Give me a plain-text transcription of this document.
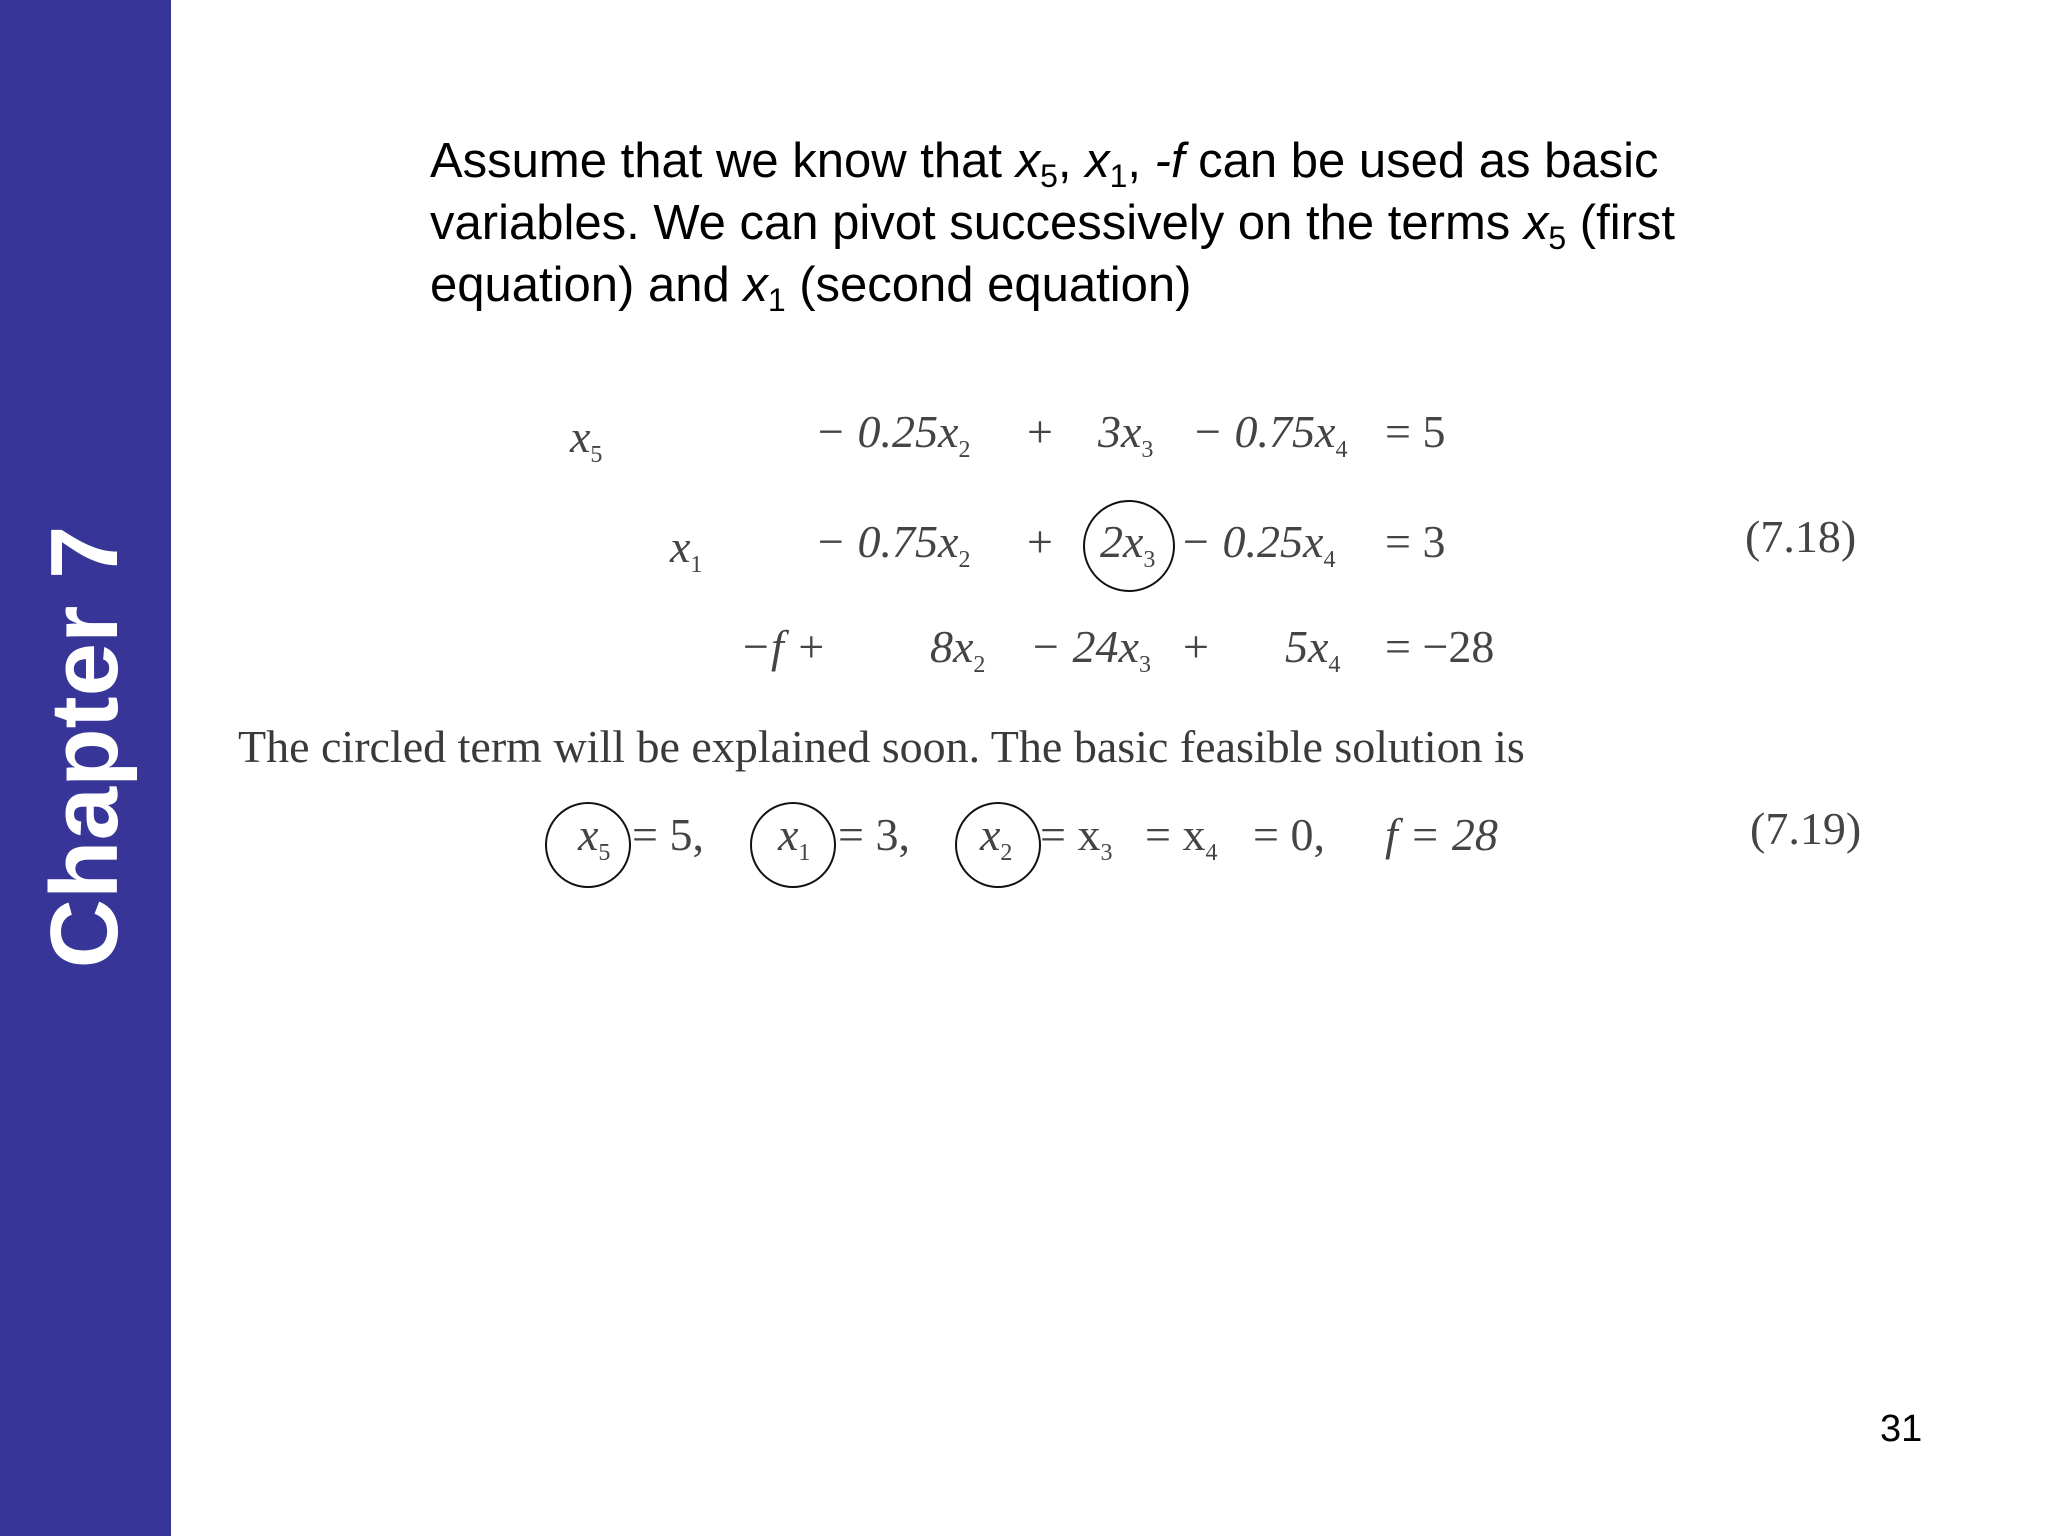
Chapter 7
Assume that we know that $x_5$, $x_1$, -f can be used as basic variables. We can pivot successively on the terms $x_5$ (first equation) and $x_1$ (second equation)
$x_5$	− $0.25x_2 + 3x_3 - 0.75x_4 = 5$
$x_1 - 0.75x_2 + 2x_3 - 0.25x_4 = 3$	(7.18)
$-f + 8x_2 - 24x_3 + 5x_4 = -28$
The circled term will be explained soon. The basic feasible solution is
$x_5 = 5$, $x_1 = 3$, $x_2 = x_3 = x_4 = 0$, f = 28	(7.19)
31
